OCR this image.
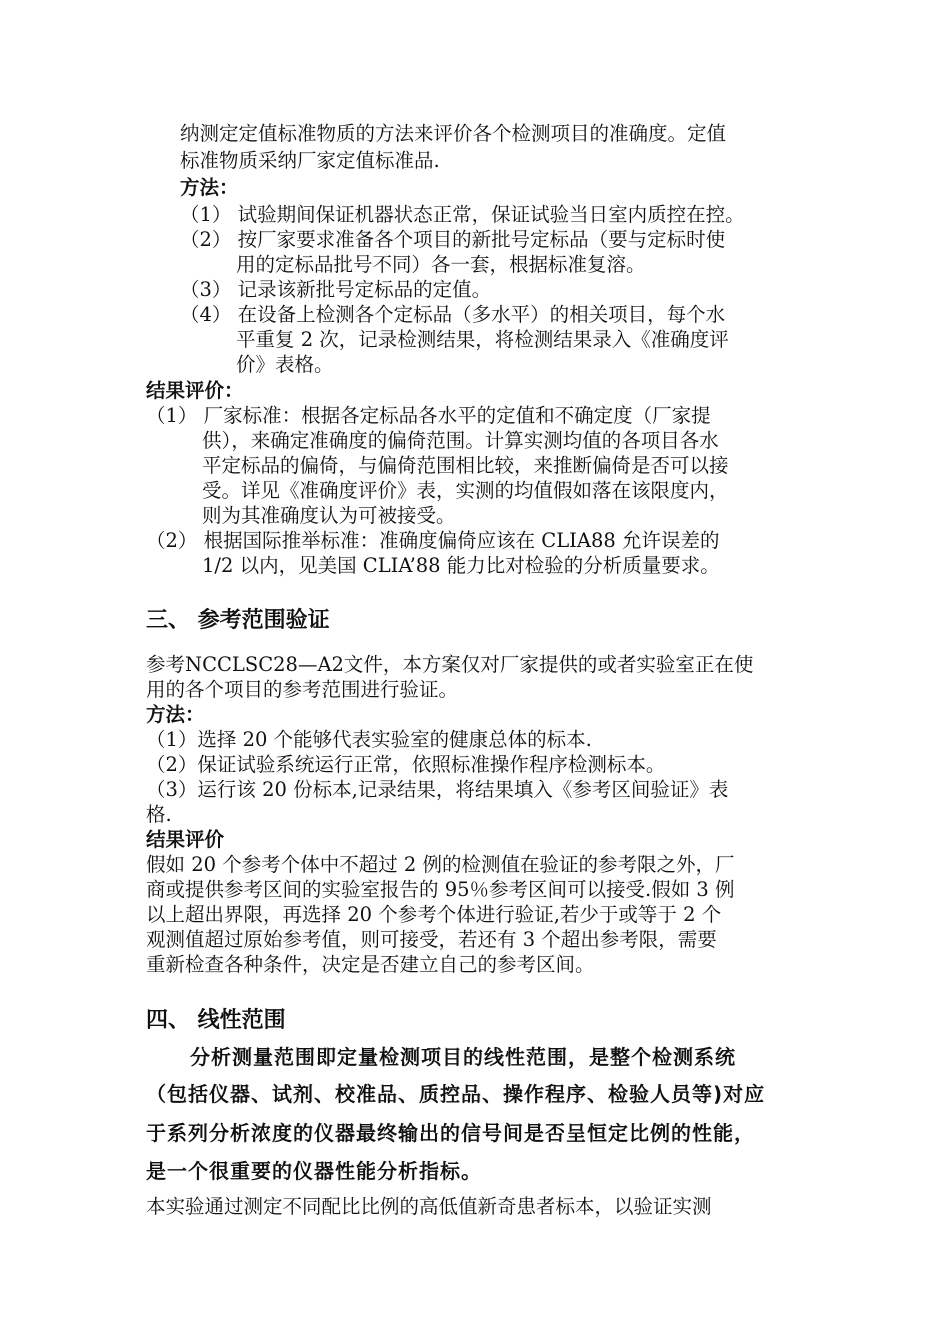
纳测定定值标准物质的方法来评价各个检测项目的准确度。定值
标准物质采纳厂家定值标准品.
方法：
（1） 试验期间保证机器状态正常，保证试验当日室内质控在控。
（2） 按厂家要求准备各个项目的新批号定标品（要与定标时使
用的定标品批号不同）各一套，根据标准复溶。
（3） 记录该新批号定标品的定值。
（4） 在设备上检测各个定标品（多水平）的相关项目，每个水
平重复 2 次，记录检测结果，将检测结果录入《准确度评
价》表格。
结果评价：
（1） 厂家标准：根据各定标品各水平的定值和不确定度（厂家提
供），来确定准确度的偏倚范围。计算实测均值的各项目各水
平定标品的偏倚，与偏倚范围相比较，来推断偏倚是否可以接
受。详见《准确度评价》表，实测的均值假如落在该限度内，
则为其准确度认为可被接受。
（2） 根据国际推举标准：准确度偏倚应该在 CLIA88 允许误差的
1/2 以内，见美国 CLIA’88 能力比对检验的分析质量要求。
三、 参考范围验证
参考NCCLSC28—A2文件，本方案仅对厂家提供的或者实验室正在使
用的各个项目的参考范围进行验证。
方法：
（1）选择 20 个能够代表实验室的健康总体的标本.
（2）保证试验系统运行正常，依照标准操作程序检测标本。
（3）运行该 20 份标本,记录结果，将结果填入《参考区间验证》表
格.
结果评价
假如 20 个参考个体中不超过 2 例的检测值在验证的参考限之外，厂
商或提供参考区间的实验室报告的 95％参考区间可以接受.假如 3 例
以上超出界限，再选择 20 个参考个体进行验证,若少于或等于 2 个
观测值超过原始参考值，则可接受，若还有 3 个超出参考限，需要
重新检查各种条件，决定是否建立自己的参考区间。
四、 线性范围
分析测量范围即定量检测项目的线性范围，是整个检测系统
（包括仪器、试剂、校准品、质控品、操作程序、检验人员等)对应
于系列分析浓度的仪器最终输出的信号间是否呈恒定比例的性能，
是一个很重要的仪器性能分析指标。
本实验通过测定不同配比比例的高低值新奇患者标本，以验证实测
